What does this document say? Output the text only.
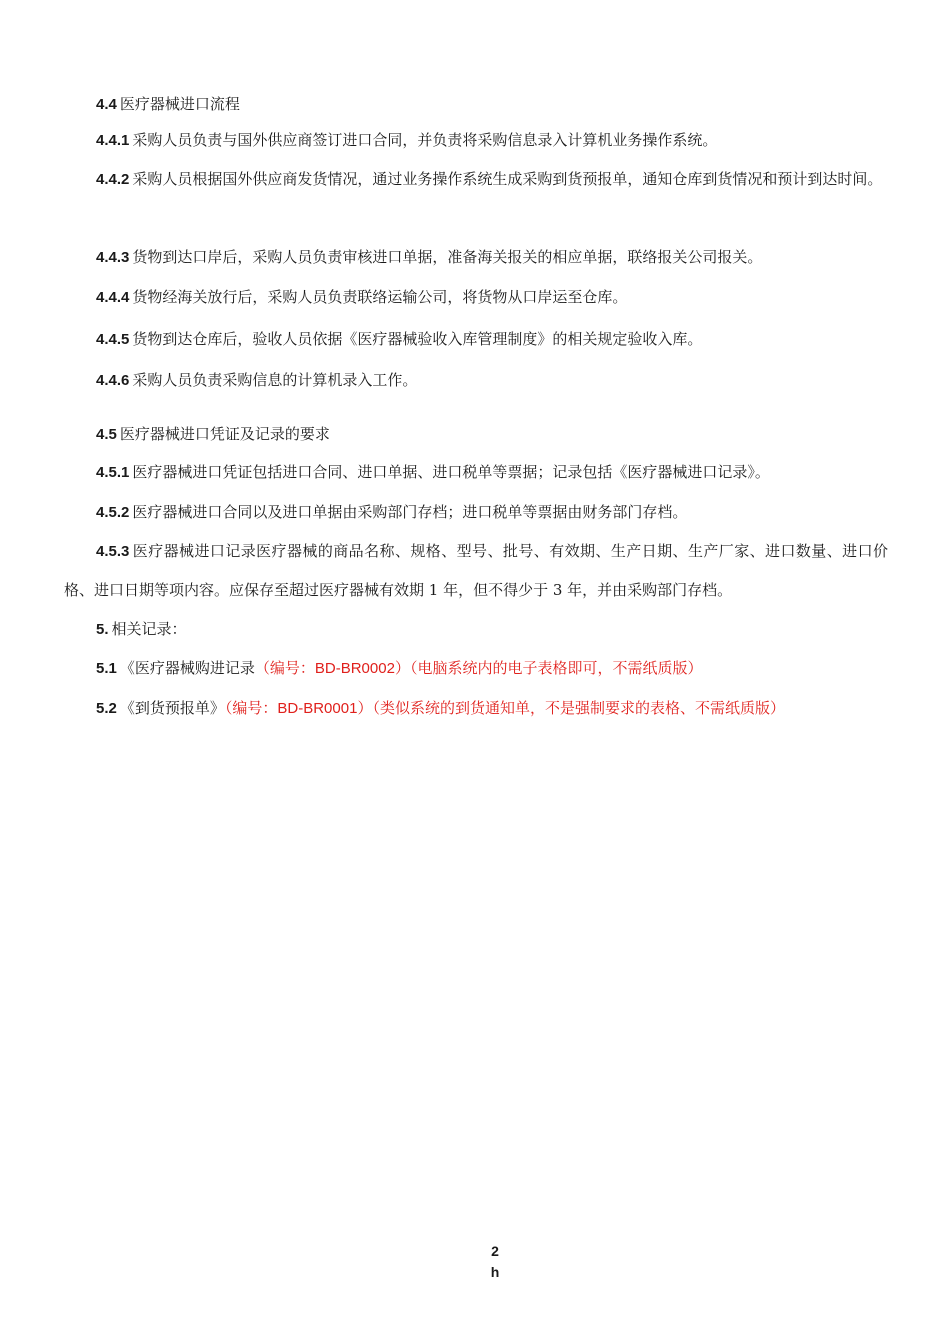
4.4 医疗器械进口流程

4.4.1 采购人员负责与国外供应商签订进口合同，并负责将采购信息录入计算机业务操作系统。

4.4.2 采购人员根据国外供应商发货情况，通过业务操作系统生成采购到货预报单，通知仓库到货情况和预计到达时间。

4.4.3 货物到达口岸后，采购人员负责审核进口单据，准备海关报关的相应单据，联络报关公司报关。

4.4.4 货物经海关放行后，采购人员负责联络运输公司，将货物从口岸运至仓库。

4.4.5 货物到达仓库后，验收人员依据《医疗器械验收入库管理制度》的相关规定验收入库。

4.4.6 采购人员负责采购信息的计算机录入工作。

4.5 医疗器械进口凭证及记录的要求

4.5.1 医疗器械进口凭证包括进口合同、进口单据、进口税单等票据；记录包括《医疗器械进口记录》。

4.5.2 医疗器械进口合同以及进口单据由采购部门存档；进口税单等票据由财务部门存档。

4.5.3 医疗器械进口记录医疗器械的商品名称、规格、型号、批号、有效期、生产日期、生产厂家、进口数量、进口价格、进口日期等项内容。应保存至超过医疗器械有效期 1 年，但不得少于 3 年，并由采购部门存档。

5. 相关记录：

5.1 《医疗器械购进记录（编号：BD-BR0002）（电脑系统内的电子表格即可，不需纸质版）

5.2 《到货预报单》（编号：BD-BR0001）（类似系统的到货通知单，不是强制要求的表格、不需纸质版）

2
h
